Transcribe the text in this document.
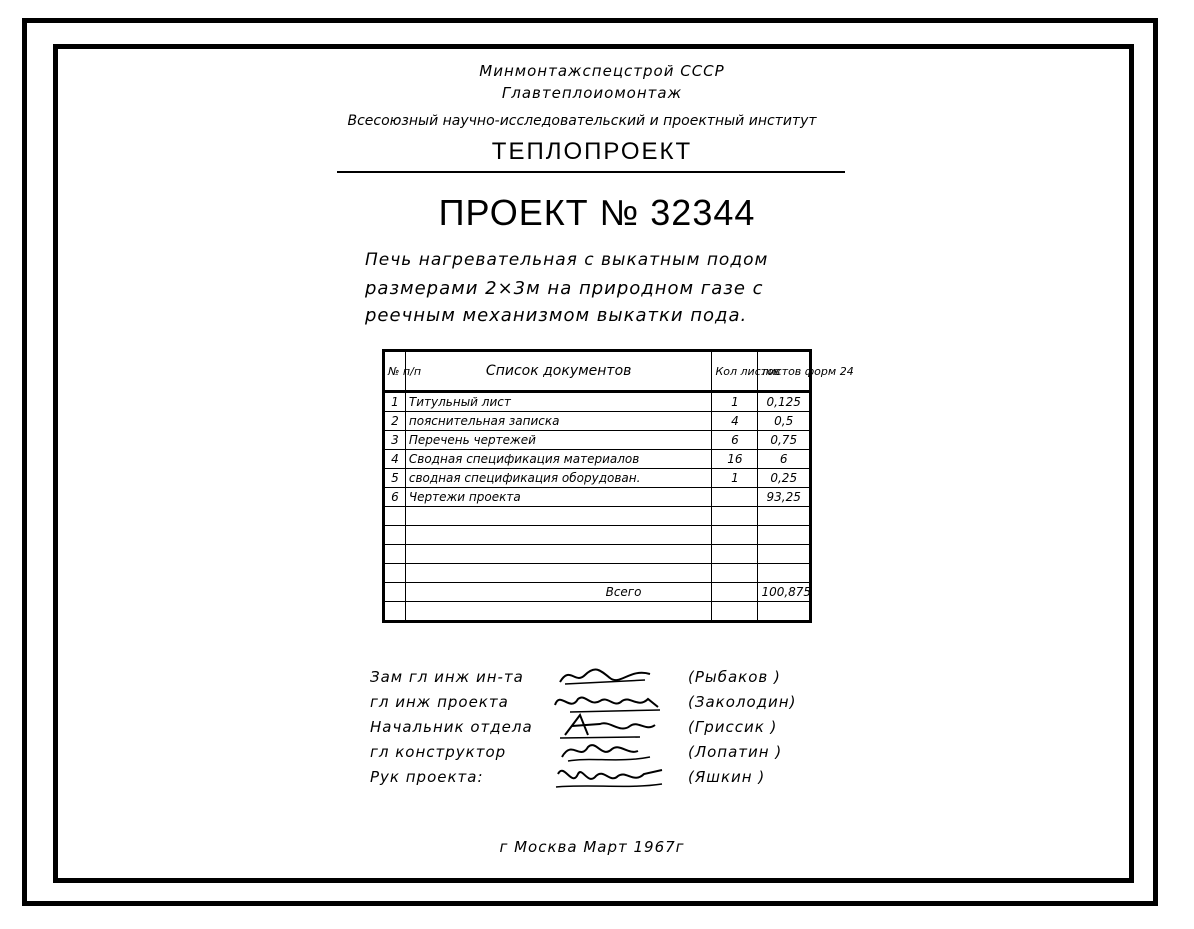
Минмонтажспецстрой СССР
Главтеплоиомонтаж
Всесоюзный научно-исследовательский и проектный институт
ТЕПЛОПРОЕКТ
ПРОЕКТ № 32344
Печь нагревательная с выкатным подом
размерами 2×3м на природном газе с
реечным механизмом выкатки пода.
№ п/п	Список документов	Кол листов	листов форм 24
1	Титульный лист	1	0,125
2	пояснительная записка	4	0,5
3	Перечень чертежей	6	0,75
4	Сводная спецификация материалов	16	6
5	сводная спецификация оборудован.	1	0,25
6	Чертежи проекта		93,25

	Всего		100,875

Зам гл инж ин-та	(Рыбаков )
гл инж проекта	(Заколодин)
Начальник отдела	(Гриссик )
гл конструктор	(Лопатин )
Рук проекта:	(Яшкин )
г Москва Март 1967г
